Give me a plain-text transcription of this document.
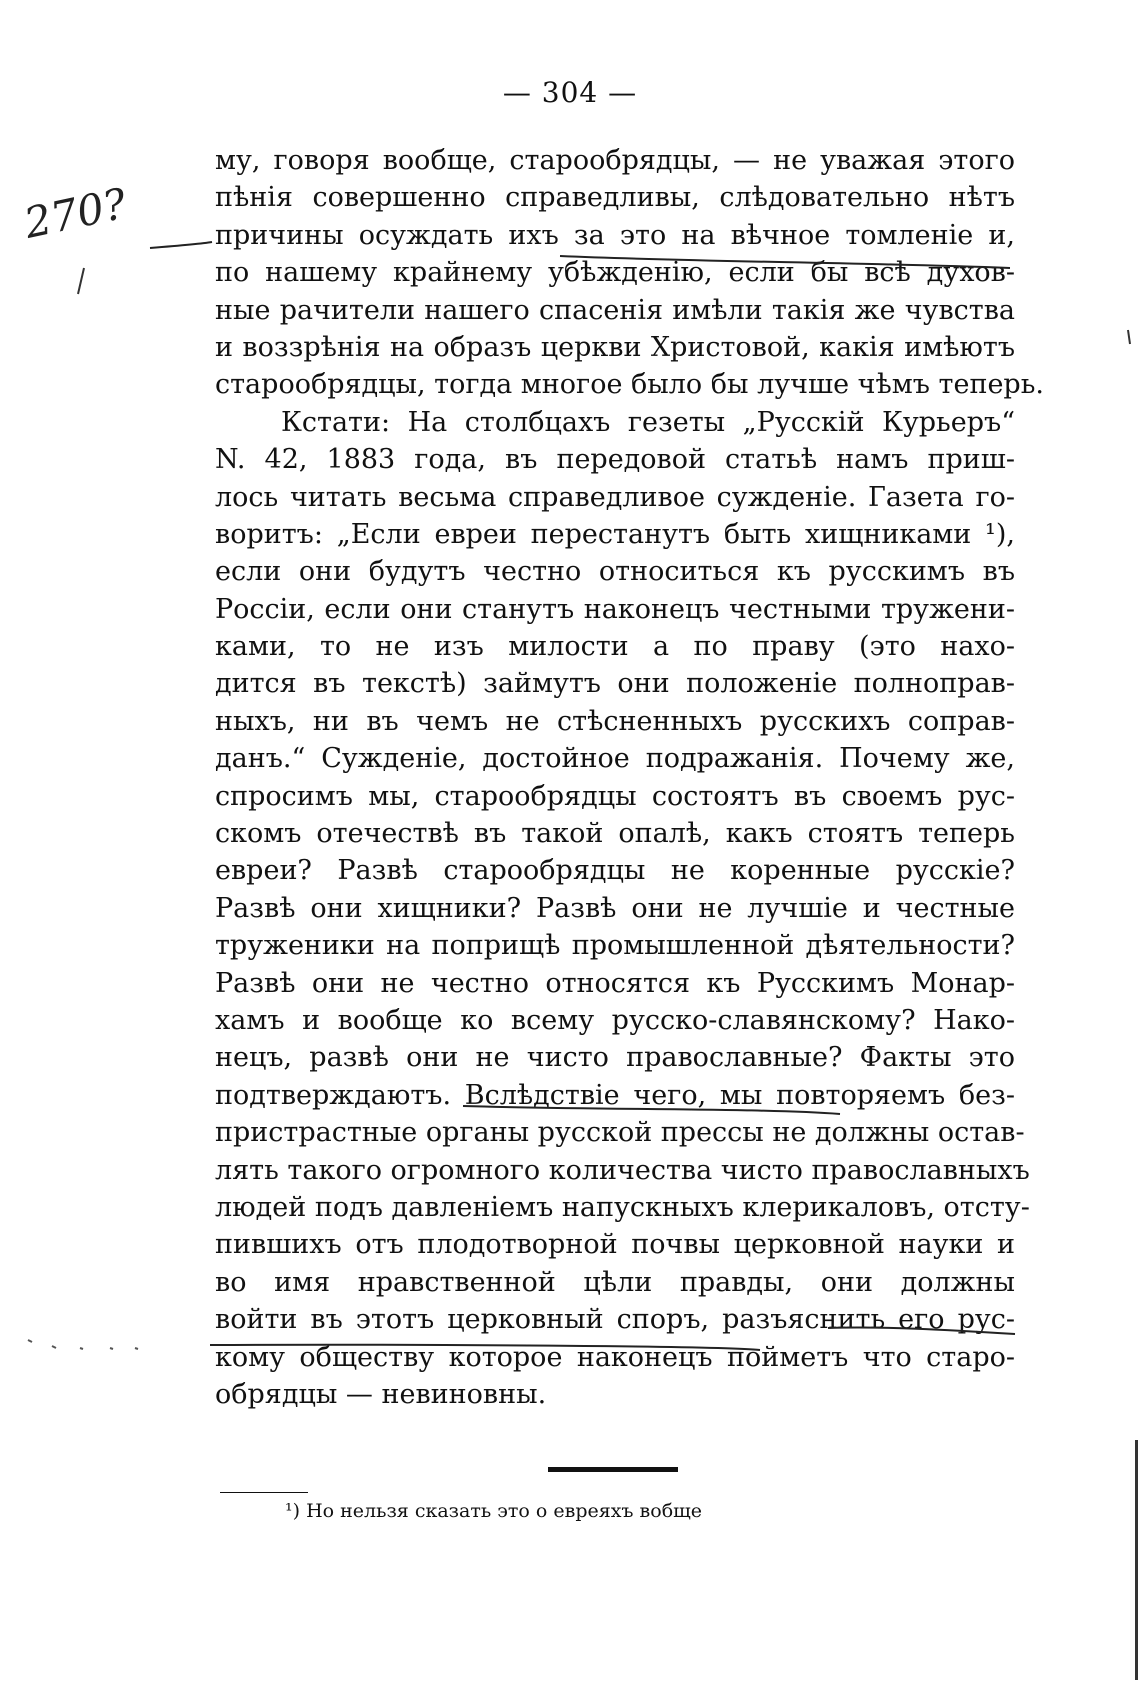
— 304 —
му, говоря вообще, старообрядцы, — не уважая этого
пѣнія совершенно справедливы, слѣдовательно нѣтъ
причины осуждать ихъ за это на вѣчное томленіе и,
по нашему крайнему убѣжденію, если бы всѣ духов-
ные рачители нашего спасенія имѣли такія же чувства
и воззрѣнія на образъ церкви Христовой, какія имѣютъ
старообрядцы, тогда многое было бы лучше чѣмъ теперь.
Кстати: На столбцахъ гезеты „Русскій Курьеръ“
N. 42, 1883 года, въ передовой статьѣ намъ приш-
лось читать весьма справедливое сужденіе. Газета го-
воритъ: „Если евреи перестанутъ быть хищниками ¹),
если они будутъ честно относиться къ русскимъ въ
Россіи, если они станутъ наконецъ честными тружени-
ками, то не изъ милости а по праву (это нахо-
дится въ текстѣ) займутъ они положеніе полноправ-
ныхъ, ни въ чемъ не стѣсненныхъ русскихъ соправ-
данъ.“ Сужденіе, достойное подражанія. Почему же,
спросимъ мы, старообрядцы состоятъ въ своемъ рус-
скомъ отечествѣ въ такой опалѣ, какъ стоятъ теперь
евреи? Развѣ старообрядцы не коренные русскіе?
Развѣ они хищники? Развѣ они не лучшіе и честные
труженики на поприщѣ промышленной дѣятельности?
Развѣ они не честно относятся къ Русскимъ Монар-
хамъ и вообще ко всему русско-славянскому? Нако-
нецъ, развѣ они не чисто православные? Факты это
подтверждаютъ. Вслѣдствіе чего, мы повторяемъ без-
пристрастные органы русской прессы не должны остав-
лять такого огромного количества чисто православныхъ
людей подъ давленіемъ напускныхъ клерикаловъ, отсту-
пившихъ отъ плодотворной почвы церковной науки и
во имя нравственной цѣли правды, они должны
войти въ этотъ церковный споръ, разъяснить его рус-
кому обществу которое наконецъ пойметъ что старо-
обрядцы — невиновны.
¹) Но нельзя сказать это о евреяхъ вобще
270?
